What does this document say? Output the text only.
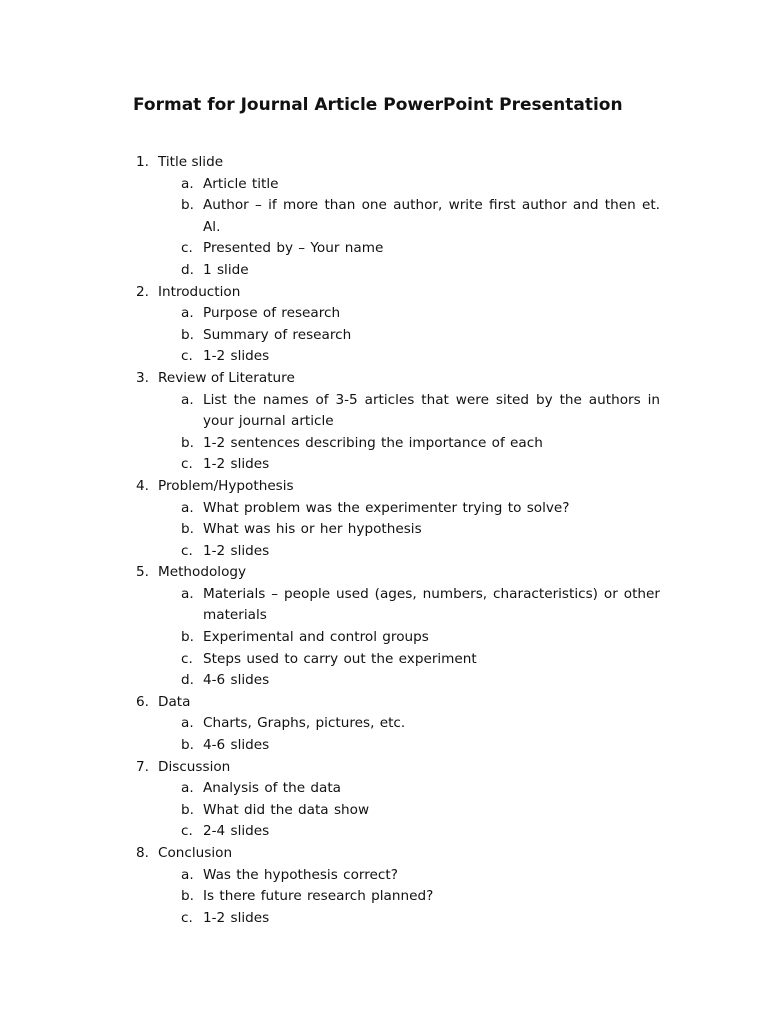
Format for Journal Article PowerPoint Presentation
1. Title slide
a. Article title
b. Author – if more than one author, write first author and then et. Al.
c. Presented by – Your name
d. 1 slide
2. Introduction
a. Purpose of research
b. Summary of research
c. 1-2 slides
3. Review of Literature
a. List the names of 3-5 articles that were sited by the authors in your journal article
b. 1-2 sentences describing the importance of each
c. 1-2 slides
4. Problem/Hypothesis
a. What problem was the experimenter trying to solve?
b. What was his or her hypothesis
c. 1-2 slides
5. Methodology
a. Materials – people used (ages, numbers, characteristics) or other materials
b. Experimental and control groups
c. Steps used to carry out the experiment
d. 4-6 slides
6. Data
a. Charts, Graphs, pictures, etc.
b. 4-6 slides
7. Discussion
a. Analysis of the data
b. What did the data show
c. 2-4 slides
8. Conclusion
a. Was the hypothesis correct?
b. Is there future research planned?
c. 1-2 slides
